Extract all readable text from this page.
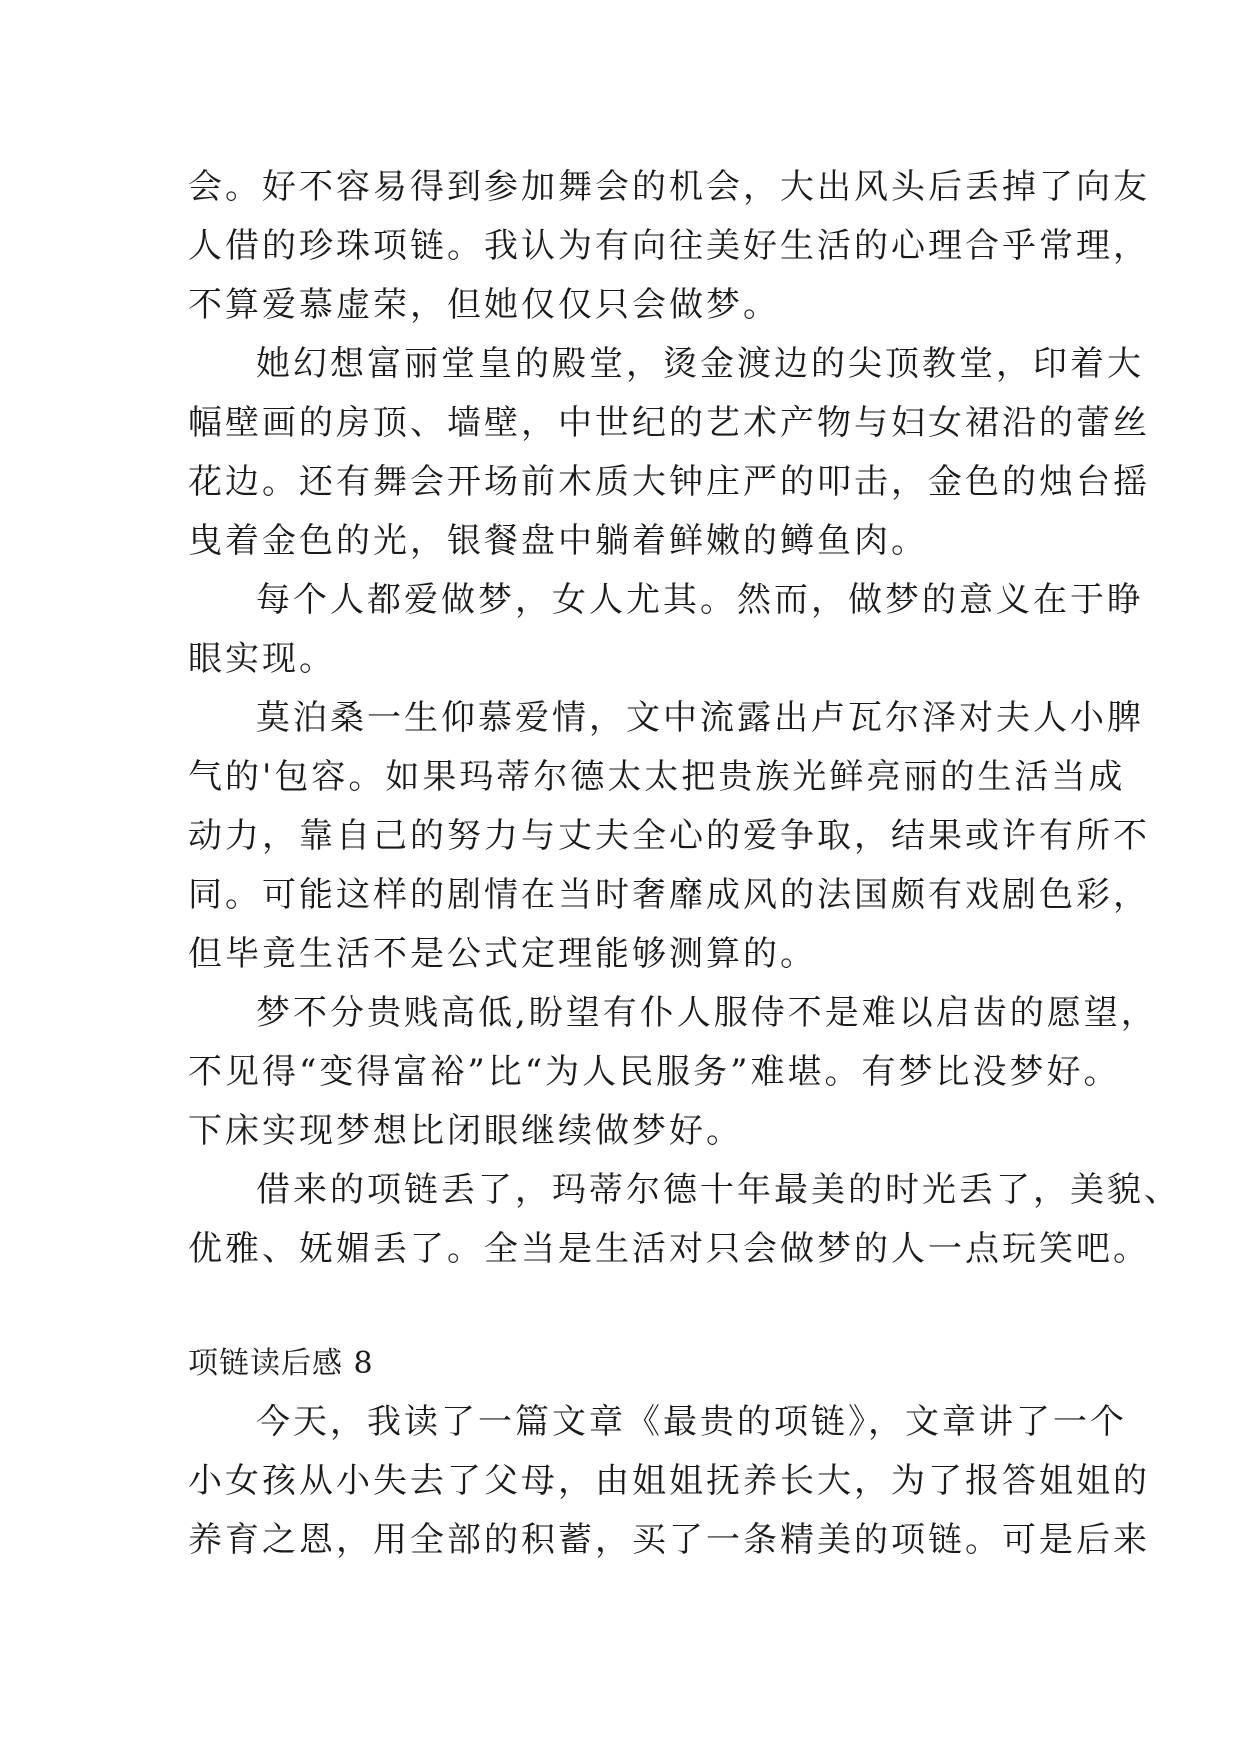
会。好不容易得到参加舞会的机会，大出风头后丢掉了向友
人借的珍珠项链。我认为有向往美好生活的心理合乎常理，
不算爱慕虚荣，但她仅仅只会做梦。
她幻想富丽堂皇的殿堂，烫金渡边的尖顶教堂，印着大
幅壁画的房顶、墙壁，中世纪的艺术产物与妇女裙沿的蕾丝
花边。还有舞会开场前木质大钟庄严的叩击，金色的烛台摇
曳着金色的光，银餐盘中躺着鲜嫩的鳟鱼肉。
每个人都爱做梦，女人尤其。然而，做梦的意义在于睁
眼实现。
莫泊桑一生仰慕爱情，文中流露出卢瓦尔泽对夫人小脾
气的'包容。如果玛蒂尔德太太把贵族光鲜亮丽的生活当成
动力，靠自己的努力与丈夫全心的爱争取，结果或许有所不
同。可能这样的剧情在当时奢靡成风的法国颇有戏剧色彩，
但毕竟生活不是公式定理能够测算的。
梦不分贵贱高低,盼望有仆人服侍不是难以启齿的愿望，
不见得“变得富裕”比“为人民服务”难堪。有梦比没梦好。
下床实现梦想比闭眼继续做梦好。
借来的项链丢了，玛蒂尔德十年最美的时光丢了，美貌、
优雅、妩媚丢了。全当是生活对只会做梦的人一点玩笑吧。
项链读后感 8
今天，我读了一篇文章《最贵的项链》，文章讲了一个
小女孩从小失去了父母，由姐姐抚养长大，为了报答姐姐的
养育之恩，用全部的积蓄，买了一条精美的项链。可是后来
